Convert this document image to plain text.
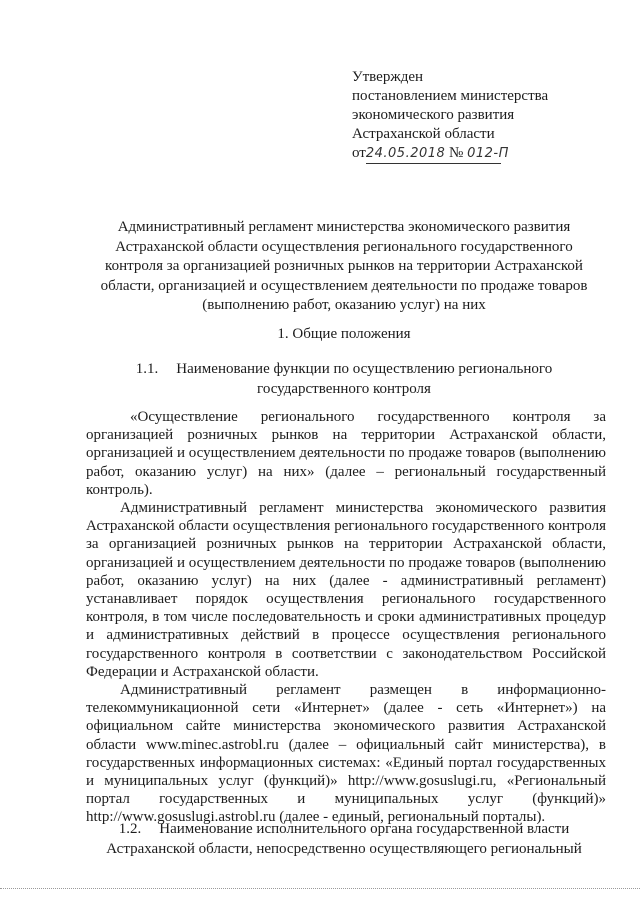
Утвержден
постановлением министерства
экономического развития
Астраханской области
от24.05.2018 № 012-П
Административный регламент министерства экономического развития
Астраханской области осуществления регионального государственного
контроля за организацией розничных рынков на территории Астраханской
области, организацией и осуществлением деятельности по продаже товаров
(выполнению работ, оказанию услуг) на них
1. Общие положения
1.1. Наименование функции по осуществлению регионального
государственного контроля

«Осуществление регионального государственного контроля за организацией розничных рынков на территории Астраханской области, организацией и осуществлением деятельности по продаже товаров (выполнению работ, оказанию услуг) на них» (далее – региональный государственный контроль).

Административный регламент министерства экономического развития Астраханской области осуществления регионального государственного контроля за организацией розничных рынков на территории Астраханской области, организацией и осуществлением деятельности по продаже товаров (выполнению работ, оказанию услуг) на них (далее - административный регламент) устанавливает порядок осуществления регионального государственного контроля, в том числе последовательность и сроки административных процедур и административных действий в процессе осуществления регионального государственного контроля в соответствии с законодательством Российской Федерации и Астраханской области.

Административный регламент размещен в информационно-телекоммуникационной сети «Интернет» (далее - сеть «Интернет») на официальном сайте министерства экономического развития Астраханской области www.minec.astrobl.ru (далее – официальный сайт министерства), в государственных информационных системах: «Единый портал государственных и муниципальных услуг (функций)» http://www.gosuslugi.ru, «Региональный портал государственных и муниципальных услуг (функций)» http://www.gosuslugi.astrobl.ru (далее - единый, региональный порталы).

1.2. Наименование исполнительного органа государственной власти
Астраханской области, непосредственно осуществляющего региональный
